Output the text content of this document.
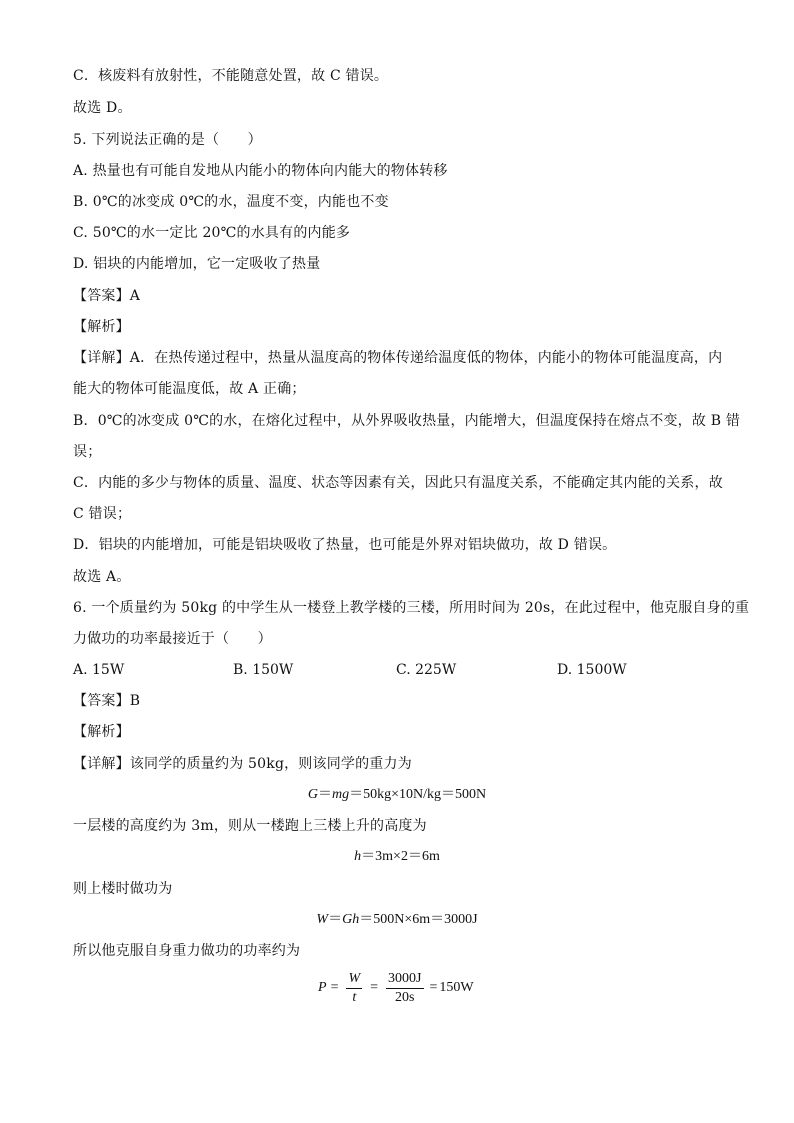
C．核废料有放射性，不能随意处置，故 C 错误。
故选 D。
5. 下列说法正确的是（　　）
A. 热量也有可能自发地从内能小的物体向内能大的物体转移
B. 0℃的冰变成 0℃的水，温度不变，内能也不变
C. 50℃的水一定比 20℃的水具有的内能多
D. 铝块的内能增加，它一定吸收了热量
【答案】A
【解析】
【详解】A．在热传递过程中，热量从温度高的物体传递给温度低的物体，内能小的物体可能温度高，内
能大的物体可能温度低，故 A 正确；
B．0℃的冰变成 0℃的水，在熔化过程中，从外界吸收热量，内能增大，但温度保持在熔点不变，故 B 错
误；
C．内能的多少与物体的质量、温度、状态等因素有关，因此只有温度关系，不能确定其内能的关系，故
C 错误；
D．铝块的内能增加，可能是铝块吸收了热量，也可能是外界对铝块做功，故 D 错误。
故选 A。
6. 一个质量约为 50kg 的中学生从一楼登上教学楼的三楼，所用时间为 20s，在此过程中，他克服自身的重
力做功的功率最接近于（　　）
A. 15W	B. 150W	C. 225W	D. 1500W
【答案】B
【解析】
【详解】该同学的质量约为 50kg，则该同学的重力为
G＝mg＝50kg×10N/kg＝500N
一层楼的高度约为 3m，则从一楼跑上三楼上升的高度为
h＝3m×2＝6m
则上楼时做功为
W＝Gh＝500N×6m＝3000J
所以他克服自身重力做功的功率约为
$P = \frac{W}{t} = \frac{3000J}{20s} = 150W$
